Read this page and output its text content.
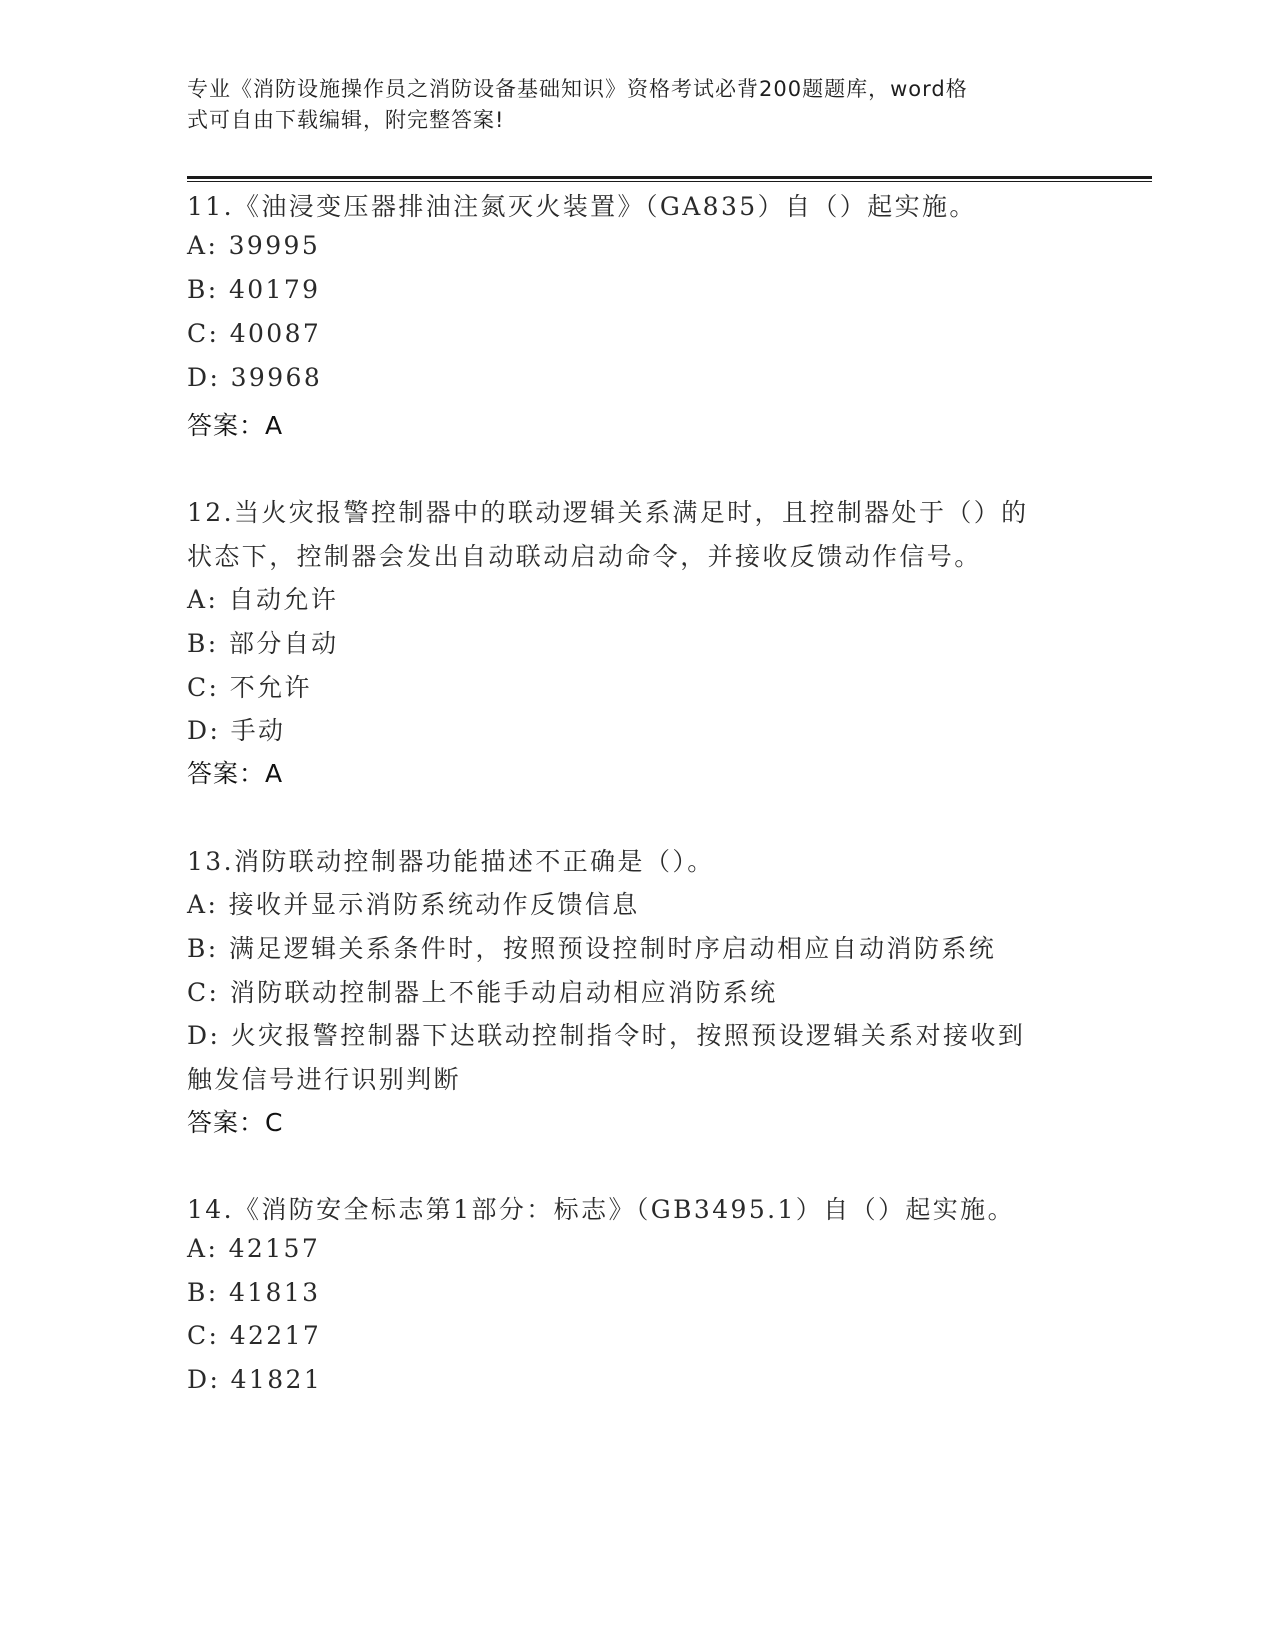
专业《消防设施操作员之消防设备基础知识》资格考试必背200题题库，word格
式可自由下载编辑，附完整答案!
11.《油浸变压器排油注氮灭火装置》（GA835）自（）起实施。
A: 39995
B: 40179
C: 40087
D: 39968
答案：A
12.当火灾报警控制器中的联动逻辑关系满足时，且控制器处于（）的
状态下，控制器会发出自动联动启动命令，并接收反馈动作信号。
A: 自动允许
B: 部分自动
C: 不允许
D: 手动
答案：A
13.消防联动控制器功能描述不正确是（）。
A: 接收并显示消防系统动作反馈信息
B: 满足逻辑关系条件时，按照预设控制时序启动相应自动消防系统
C: 消防联动控制器上不能手动启动相应消防系统
D: 火灾报警控制器下达联动控制指令时，按照预设逻辑关系对接收到
触发信号进行识别判断
答案：C
14.《消防安全标志第1部分：标志》（GB3495.1）自（）起实施。
A: 42157
B: 41813
C: 42217
D: 41821
